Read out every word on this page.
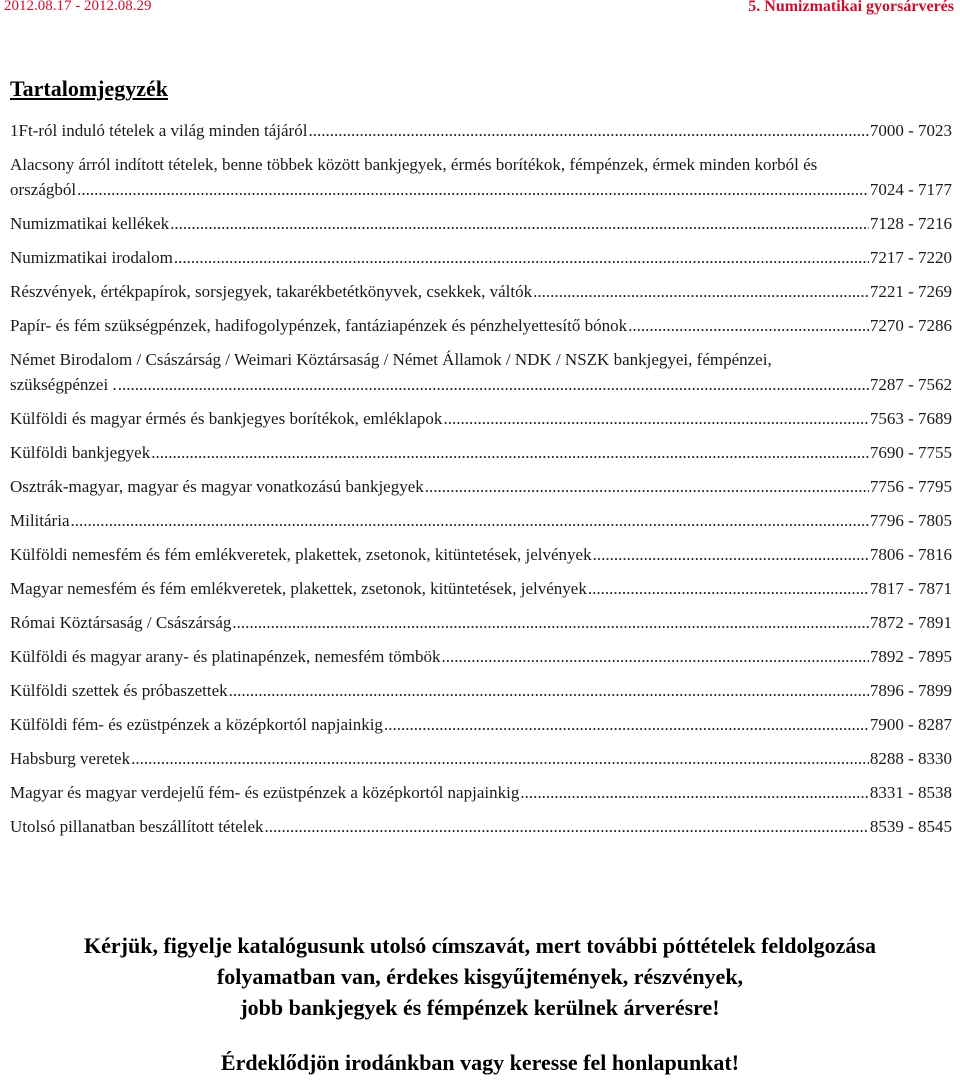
2012.08.17 - 2012.08.29	5. Numizmatikai gyorsárverés
Tartalomjegyzék
1Ft-ról induló tételek a világ minden tájáról .....	7000 - 7023
Alacsony árról indított tételek, benne többek között bankjegyek, érmés borítékok, fémpénzek, érmek minden korból és
országból .....	7024 - 7177
Numizmatikai kellékek .....	7128 - 7216
Numizmatikai irodalom .....	7217 - 7220
Részvények, értékpapírok, sorsjegyek, takarékbetétkönyvek, csekkek, váltók .....	7221 - 7269
Papír- és fém szükségpénzek, hadifogolypénzek, fantáziapénzek és pénzhelyettesítő bónok .....	7270 - 7286
Német Birodalom / Császárság / Weimari Köztársaság / Német Államok / NDK / NSZK bankjegyei, fémpénzei,
szükségpénzei . .....	7287 - 7562
Külföldi és magyar érmés és bankjegyes borítékok, emléklapok .....	7563 - 7689
Külföldi bankjegyek .....	7690 - 7755
Osztrák-magyar, magyar és magyar vonatkozású bankjegyek .....	7756 - 7795
Militária .....	7796 - 7805
Külföldi nemesfém és fém emlékveretek, plakettek, zsetonok, kitüntetések, jelvények .....	7806 - 7816
Magyar nemesfém és fém emlékveretek, plakettek, zsetonok, kitüntetések, jelvények .....	7817 - 7871
Római Köztársaság / Császárság .....	7872 - 7891
Külföldi és magyar arany- és platinapénzek, nemesfém tömbök .....	7892 - 7895
Külföldi szettek és próbaszettek .....	7896 - 7899
Külföldi fém- és ezüstpénzek a középkortól napjainkig .....	7900 - 8287
Habsburg veretek .....	8288 - 8330
Magyar és magyar verdejelű fém- és ezüstpénzek a középkortól napjainkig .....	8331 - 8538
Utolsó pillanatban beszállított tételek .....	8539 - 8545
Kérjük, figyelje katalógusunk utolsó címszavát, mert további póttételek feldolgozása
folyamatban van, érdekes kisgyűjtemények, részvények,
jobb bankjegyek és fémpénzek kerülnek árverésre!
Érdeklődjön irodánkban vagy keresse fel honlapunkat!
